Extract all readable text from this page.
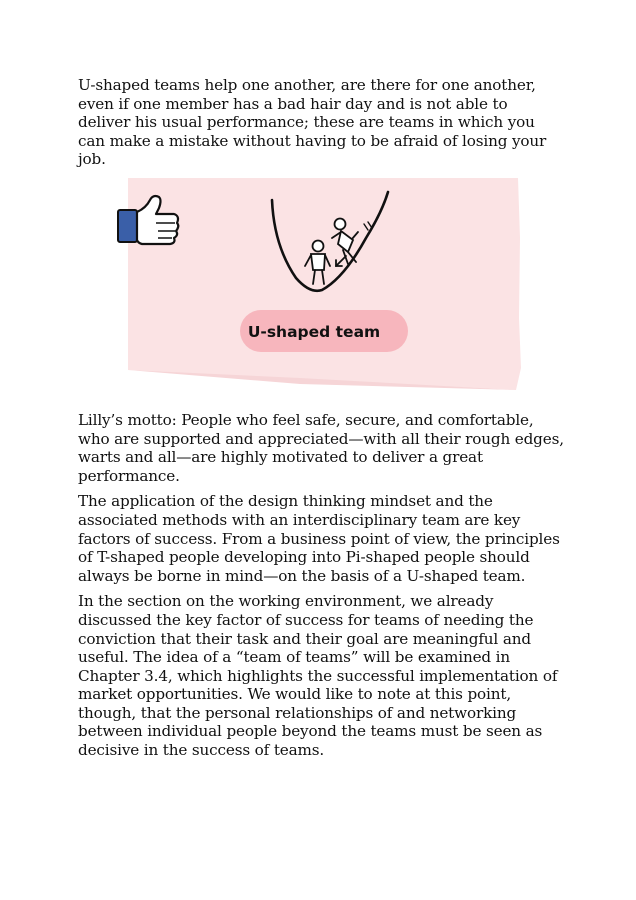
U-shaped teams help one another, are there for one another, even if one member has a bad hair day and is not able to deliver his usual performance; these are teams in which you can make a mistake without having to be afraid of losing your job.

U-shaped team

Lilly’s motto: People who feel safe, secure, and comfortable, who are supported and appreciated—with all their rough edges, warts and all—are highly motivated to deliver a great performance.

The application of the design thinking mindset and the associated methods with an interdisciplinary team are key factors of success. From a business point of view, the principles of T-shaped people developing into Pi-shaped people should always be borne in mind—on the basis of a U-shaped team.

In the section on the working environment, we already discussed the key factor of success for teams of needing the conviction that their task and their goal are meaningful and useful. The idea of a “team of teams” will be examined in Chapter 3.4, which highlights the successful implementation of market opportunities. We would like to note at this point, though, that the personal relationships of and networking between individual people beyond the teams must be seen as decisive in the success of teams.
